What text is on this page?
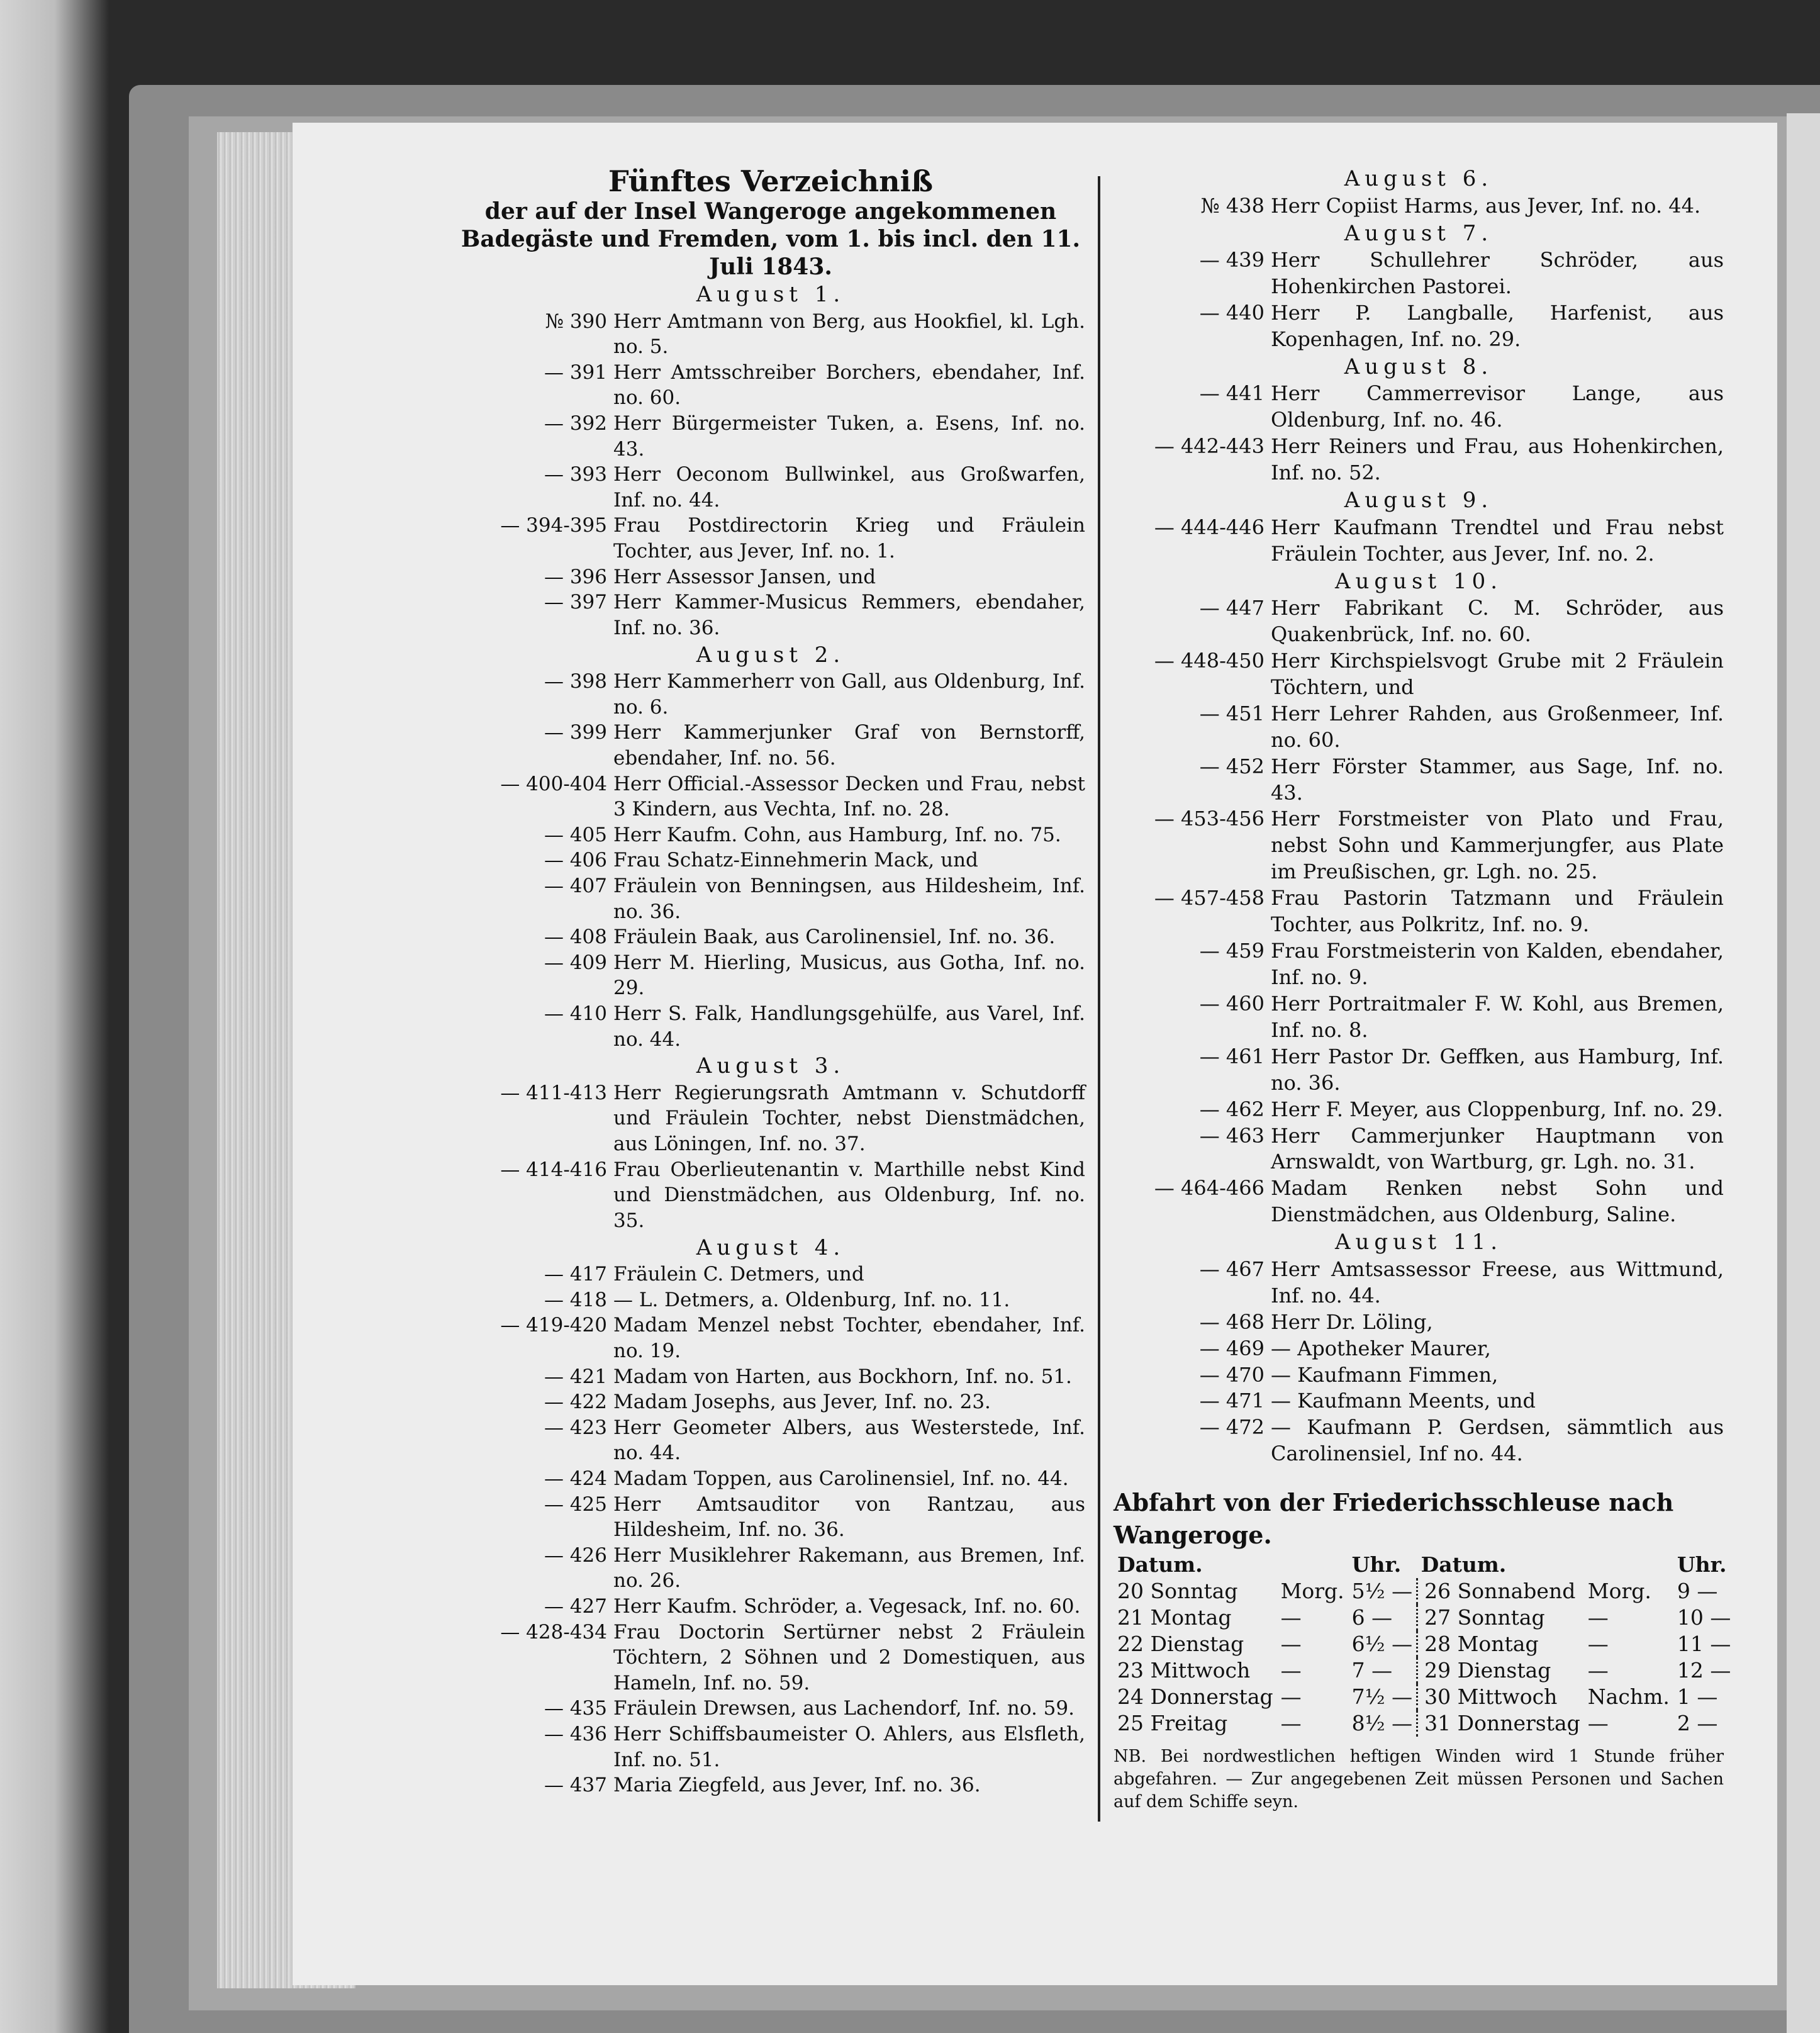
Fünftes Verzeichniß
der auf der Insel Wangeroge angekommenen Badegäste und Fremden, vom 1. bis incl. den 11. Juli 1843.
August 1.
№ 390 Herr Amtmann von Berg, aus Hookfiel, kl. Lgh. no. 5.
— 391 Herr Amtsschreiber Borchers, ebendaher, Inf. no. 60.
— 392 Herr Bürgermeister Tuken, a. Esens, Inf. no. 43.
— 393 Herr Oeconom Bullwinkel, aus Großwarfen, Inf. no. 44.
— 394-395 Frau Postdirectorin Krieg und Fräulein Tochter, aus Jever, Inf. no. 1.
— 396 Herr Assessor Jansen, und
— 397 Herr Kammer-Musicus Remmers, ebendaher, Inf. no. 36.
August 2.
— 398 Herr Kammerherr von Gall, aus Oldenburg, Inf. no. 6.
— 399 Herr Kammerjunker Graf von Bernstorff, ebendaher, Inf. no. 56.
— 400-404 Herr Official.-Assessor Decken und Frau, nebst 3 Kindern, aus Vechta, Inf. no. 28.
— 405 Herr Kaufm. Cohn, aus Hamburg, Inf. no. 75.
— 406 Frau Schatz-Einnehmerin Mack, und
— 407 Fräulein von Benningsen, aus Hildesheim, Inf. no. 36.
— 408 Fräulein Baak, aus Carolinensiel, Inf. no. 36.
— 409 Herr M. Hierling, Musicus, aus Gotha, Inf. no. 29.
— 410 Herr S. Falk, Handlungsgehülfe, aus Varel, Inf. no. 44.
August 3.
— 411-413 Herr Regierungsrath Amtmann v. Schutdorff und Fräulein Tochter, nebst Dienstmädchen, aus Löningen, Inf. no. 37.
— 414-416 Frau Oberlieutenantin v. Marthille nebst Kind und Dienstmädchen, aus Oldenburg, Inf. no. 35.
August 4.
— 417 Fräulein C. Detmers, und
— 418 — L. Detmers, a. Oldenburg, Inf. no. 11.
— 419-420 Madam Menzel nebst Tochter, ebendaher, Inf. no. 19.
— 421 Madam von Harten, aus Bockhorn, Inf. no. 51.
— 422 Madam Josephs, aus Jever, Inf. no. 23.
— 423 Herr Geometer Albers, aus Westerstede, Inf. no. 44.
— 424 Madam Toppen, aus Carolinensiel, Inf. no. 44.
— 425 Herr Amtsauditor von Rantzau, aus Hildesheim, Inf. no. 36.
— 426 Herr Musiklehrer Rakemann, aus Bremen, Inf. no. 26.
— 427 Herr Kaufm. Schröder, a. Vegesack, Inf. no. 60.
— 428-434 Frau Doctorin Sertürner nebst 2 Fräulein Töchtern, 2 Söhnen und 2 Domestiquen, aus Hameln, Inf. no. 59.
— 435 Fräulein Drewsen, aus Lachendorf, Inf. no. 59.
— 436 Herr Schiffsbaumeister O. Ahlers, aus Elsfleth, Inf. no. 51.
— 437 Maria Ziegfeld, aus Jever, Inf. no. 36.
August 6.
№ 438 Herr Copiist Harms, aus Jever, Inf. no. 44.
August 7.
— 439 Herr Schullehrer Schröder, aus Hohenkirchen Pastorei.
— 440 Herr P. Langballe, Harfenist, aus Kopenhagen, Inf. no. 29.
August 8.
— 441 Herr Cammerrevisor Lange, aus Oldenburg, Inf. no. 46.
— 442-443 Herr Reiners und Frau, aus Hohenkirchen, Inf. no. 52.
August 9.
— 444-446 Herr Kaufmann Trendtel und Frau nebst Fräulein Tochter, aus Jever, Inf. no. 2.
August 10.
— 447 Herr Fabrikant C. M. Schröder, aus Quakenbrück, Inf. no. 60.
— 448-450 Herr Kirchspielsvogt Grube mit 2 Fräulein Töchtern, und
— 451 Herr Lehrer Rahden, aus Großenmeer, Inf. no. 60.
— 452 Herr Förster Stammer, aus Sage, Inf. no. 43.
— 453-456 Herr Forstmeister von Plato und Frau, nebst Sohn und Kammerjungfer, aus Plate im Preußischen, gr. Lgh. no. 25.
— 457-458 Frau Pastorin Tatzmann und Fräulein Tochter, aus Polkritz, Inf. no. 9.
— 459 Frau Forstmeisterin von Kalden, ebendaher, Inf. no. 9.
— 460 Herr Portraitmaler F. W. Kohl, aus Bremen, Inf. no. 8.
— 461 Herr Pastor Dr. Geffken, aus Hamburg, Inf. no. 36.
— 462 Herr F. Meyer, aus Cloppenburg, Inf. no. 29.
— 463 Herr Cammerjunker Hauptmann von Arnswaldt, von Wartburg, gr. Lgh. no. 31.
— 464-466 Madam Renken nebst Sohn und Dienstmädchen, aus Oldenburg, Saline.
August 11.
— 467 Herr Amtsassessor Freese, aus Wittmund, Inf. no. 44.
— 468 Herr Dr. Löling,
— 469 — Apotheker Maurer,
— 470 — Kaufmann Fimmen,
— 471 — Kaufmann Meents, und
— 472 — Kaufmann P. Gerdsen, sämmtlich aus Carolinensiel, Inf no. 44.
Abfahrt von der Friederichsschleuse nach Wangeroge.
Datum.		Uhr.	Datum.		Uhr.
20 Sonntag	Morg.	5½ —	26 Sonnabend	Morg.	9 —
21 Montag	—	6 —	27 Sonntag	—	10 —
22 Dienstag	—	6½ —	28 Montag	—	11 —
23 Mittwoch	—	7 —	29 Dienstag	—	12 —
24 Donnerstag	—	7½ —	30 Mittwoch	Nachm.	1 —
25 Freitag	—	8½ —	31 Donnerstag	—	2 —
NB. Bei nordwestlichen heftigen Winden wird 1 Stunde früher abgefahren. — Zur angegebenen Zeit müssen Personen und Sachen auf dem Schiffe seyn.
